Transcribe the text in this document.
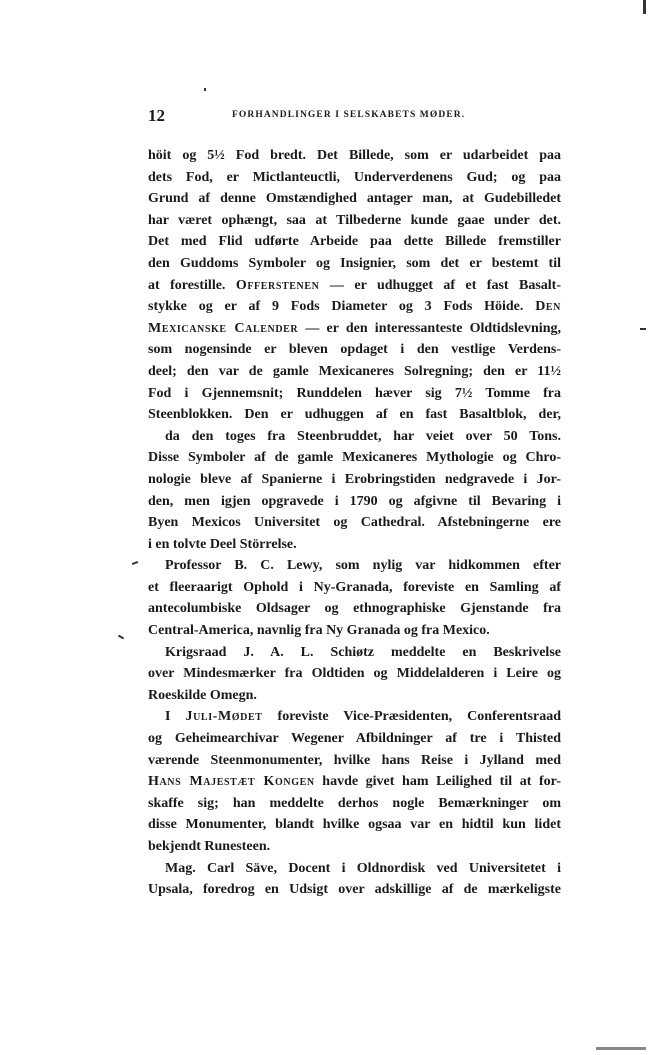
12	FORHANDLINGER I SELSKABETS MØDER.
höit og 5½ Fod bredt. Det Billede, som er udarbeidet paa
dets Fod, er Mictlanteuctli, Underverdenens Gud; og paa
Grund af denne Omstændighed antager man, at Gudebilledet
har været ophængt, saa at Tilbederne kunde gaae under det.
Det med Flid udførte Arbeide paa dette Billede fremstiller
den Guddoms Symboler og Insignier, som det er bestemt til
at forestille. Offerstenen — er udhugget af et fast Basalt-
stykke og er af 9 Fods Diameter og 3 Fods Höide. Den
Mexicanske Calender — er den interessanteste Oldtidslevning,
som nogensinde er bleven opdaget i den vestlige Verdens-
deel; den var de gamle Mexicaneres Solregning; den er 11½
Fod i Gjennemsnit; Runddelen hæver sig 7½ Tomme fra
Steenblokken. Den er udhuggen af en fast Basaltblok, der,
da den toges fra Steenbruddet, har veiet over 50 Tons.
Disse Symboler af de gamle Mexicaneres Mythologie og Chro-
nologie bleve af Spanierne i Erobringstiden nedgravede i Jor-
den, men igjen opgravede i 1790 og afgivne til Bevaring i
Byen Mexicos Universitet og Cathedral. Afstebningerne ere
i en tolvte Deel Störrelse.
Professor B. C. Lewy, som nylig var hidkommen efter
et fleeraarigt Ophold i Ny-Granada, foreviste en Samling af
antecolumbiske Oldsager og ethnographiske Gjenstande fra
Central-America, navnlig fra Ny Granada og fra Mexico.
Krigsraad J. A. L. Schiøtz meddelte en Beskrivelse
over Mindesmærker fra Oldtiden og Middelalderen i Leire og
Roeskilde Omegn.
I Juli-Mødet foreviste Vice-Præsidenten, Conferentsraad
og Geheimearchivar Wegener Afbildninger af tre i Thisted
værende Steenmonumenter, hvilke hans Reise i Jylland med
Hans Majestæt Kongen havde givet ham Leilighed til at for-
skaffe sig; han meddelte derhos nogle Bemærkninger om
disse Monumenter, blandt hvilke ogsaa var en hidtil kun lidet
bekjendt Runesteen.
Mag. Carl Säve, Docent i Oldnordisk ved Universitetet i
Upsala, foredrog en Udsigt over adskillige af de mærkeligste
